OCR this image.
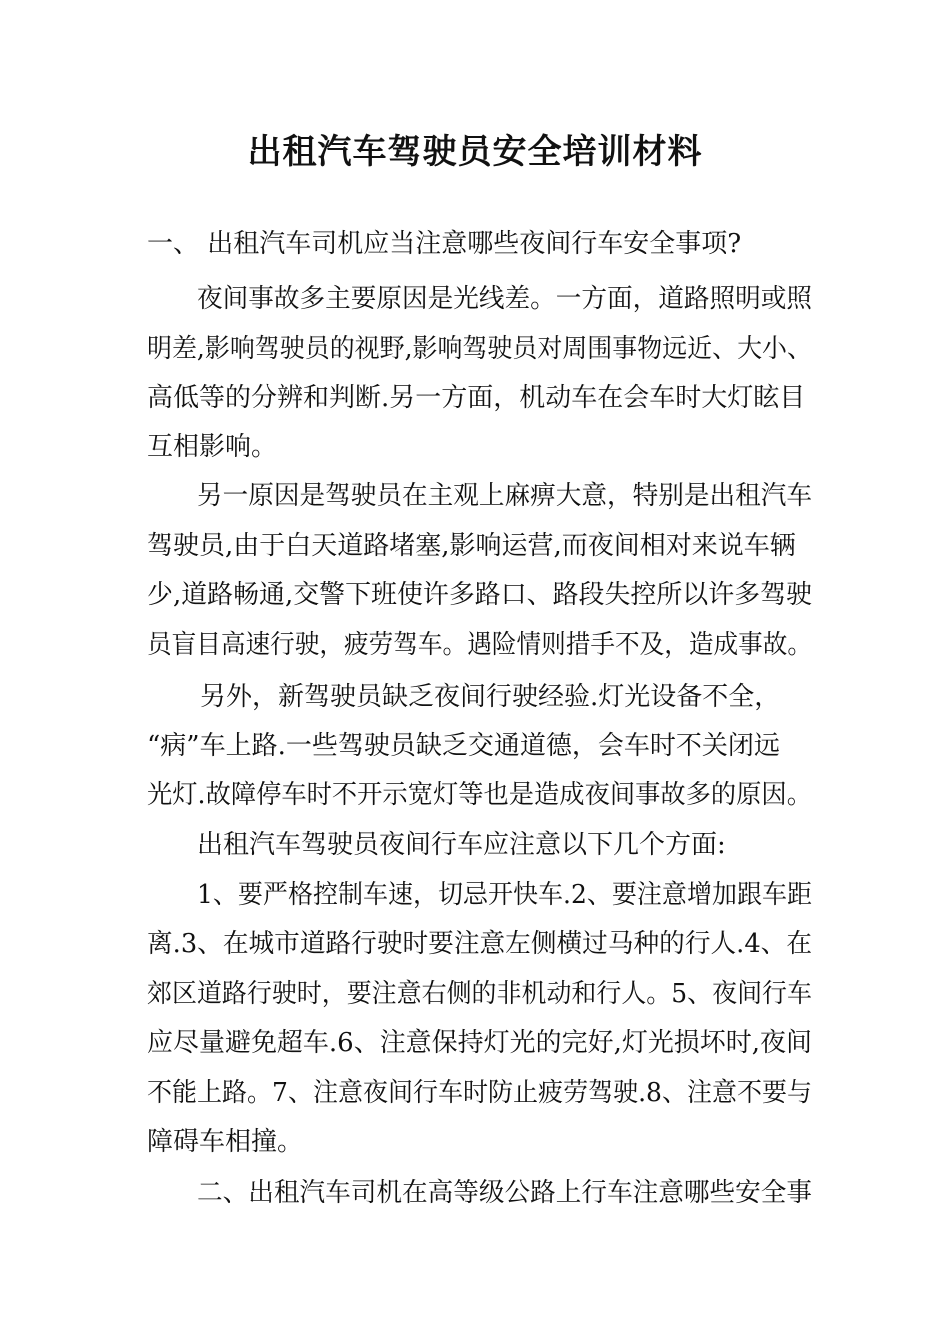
出租汽车驾驶员安全培训材料
一、 出租汽车司机应当注意哪些夜间行车安全事项?
夜间事故多主要原因是光线差。一方面，道路照明或照
明差,影响驾驶员的视野,影响驾驶员对周围事物远近、大小、
高低等的分辨和判断.另一方面，机动车在会车时大灯眩目
互相影响。
另一原因是驾驶员在主观上麻痹大意，特别是出租汽车
驾驶员,由于白天道路堵塞,影响运营,而夜间相对来说车辆
少,道路畅通,交警下班使许多路口、路段失控所以许多驾驶
员盲目高速行驶，疲劳驾车。遇险情则措手不及，造成事故。
另外，新驾驶员缺乏夜间行驶经验.灯光设备不全，
“病”车上路.一些驾驶员缺乏交通道德，会车时不关闭远
光灯.故障停车时不开示宽灯等也是造成夜间事故多的原因。
出租汽车驾驶员夜间行车应注意以下几个方面:
1、要严格控制车速，切忌开快车.2、要注意增加跟车距
离.3、在城市道路行驶时要注意左侧横过马种的行人.4、在
郊区道路行驶时，要注意右侧的非机动和行人。5、夜间行车
应尽量避免超车.6、注意保持灯光的完好,灯光损坏时,夜间
不能上路。7、注意夜间行车时防止疲劳驾驶.8、注意不要与
障碍车相撞。
二、出租汽车司机在高等级公路上行车注意哪些安全事
